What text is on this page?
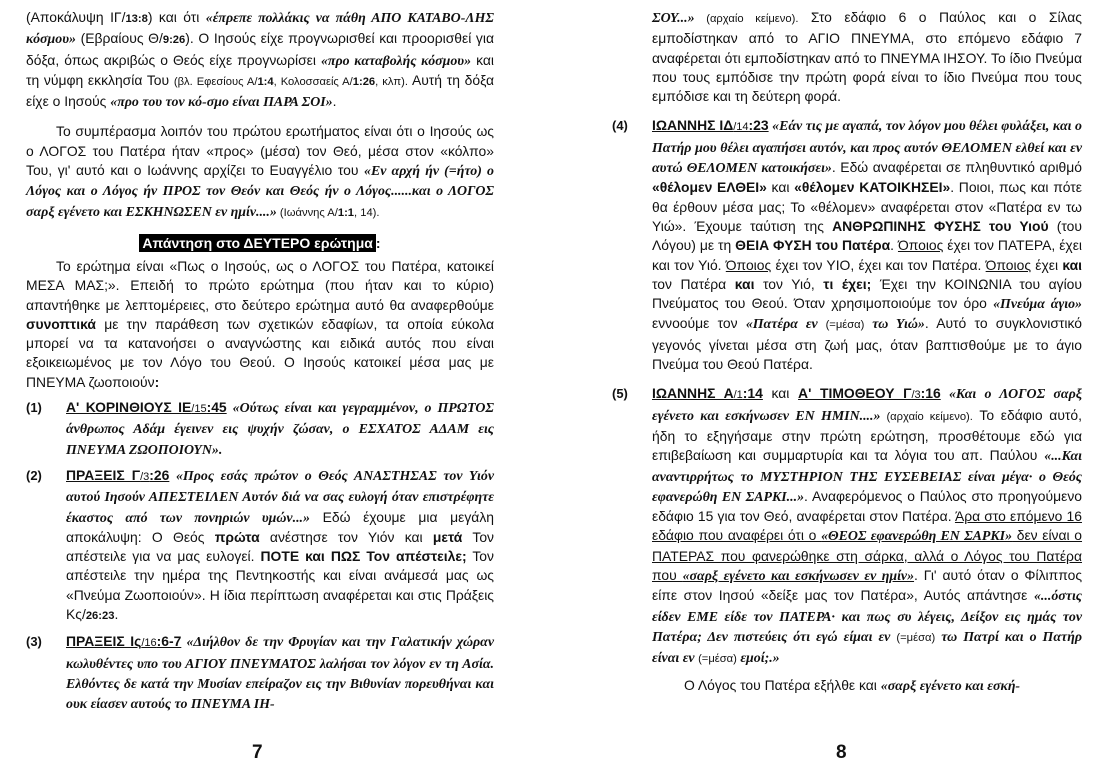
(Αποκάλυψη ΙΓ/13:8) και ότι «έπρεπε πολλάκις να πάθη ΑΠΟ ΚΑΤΑΒΟ-ΛΗΣ κόσμου» (Εβραίους Θ/9:26). Ο Ιησούς είχε προγνωρισθεί και προορισθεί για δόξα, όπως ακριβώς ο Θεός είχε προγνωρίσει «προ καταβολής κόσμου» και τη νύμφη εκκλησία Του (βλ. Εφεσίους Α/1:4, Κολοσσαείς Α/1:26, κλπ). Αυτή τη δόξα είχε ο Ιησούς «προ του τον κό-σμο είναι ΠΑΡΑ ΣΟΙ».

Το συμπέρασμα λοιπόν του πρώτου ερωτήματος είναι ότι ο Ιησούς ως ο ΛΟΓΟΣ του Πατέρα ήταν «προς» (μέσα) τον Θεό, μέσα στον «κόλπο» Του, γι' αυτό και ο Ιωάννης αρχίζει το Ευαγγέλιο του «Εν αρχή ήν (=ήτο) ο Λόγος και ο Λόγος ήν ΠΡΟΣ τον Θεόν και Θεός ήν ο Λόγος......και ο ΛΟΓΟΣ σαρξ εγένετο και ΕΣΚΗΝΩΣΕΝ εν ημίν....» (Ιωάννης Α/1:1, 14).

Απάντηση στο ΔΕΥΤΕΡΟ ερώτημα :

Το ερώτημα είναι «Πως ο Ιησούς, ως ο ΛΟΓΟΣ του Πατέρα, κατοικεί ΜΕΣΑ ΜΑΣ;». Επειδή το πρώτο ερώτημα (που ήταν και το κύριο) απαντήθηκε με λεπτομέρειες, στο δεύτερο ερώτημα αυτό θα αναφερθούμε συνοπτικά με την παράθεση των σχετικών εδαφίων, τα οποία εύκολα μπορεί να τα κατανοήσει ο αναγνώστης και ειδικά αυτός που είναι εξοικειωμένος με τον Λόγο του Θεού. Ο Ιησούς κατοικεί μέσα μας με ΠΝΕΥΜΑ ζωοποιούν:

(1) Α' ΚΟΡΙΝΘΙΟΥΣ ΙΕ/15:45 «Ούτως είναι και γεγραμμένον, ο ΠΡΩΤΟΣ άνθρωπος Αδάμ έγεινεν εις ψυχήν ζώσαν, ο ΕΣΧΑΤΟΣ ΑΔΑΜ εις ΠΝΕΥΜΑ ΖΩΟΠΟΙΟΥΝ».
(2) ΠΡΑΞΕΙΣ Γ/3:26 «Προς εσάς πρώτον ο Θεός ΑΝΑΣΤΗΣΑΣ τον Υιόν αυτού Ιησούν ΑΠΕΣΤΕΙΛΕΝ Αυτόν διά να σας ευλογή όταν επιστρέφητε έκαστος από των πονηριών υμών...» Εδώ έχουμε μια μεγάλη αποκάλυψη: Ο Θεός πρώτα ανέστησε τον Υιόν και μετά Τον απέστειλε για να μας ευλογεί. ΠΟΤΕ και ΠΩΣ Τον απέστειλε; Τον απέστειλε την ημέρα της Πεντηκοστής και είναι ανάμεσά μας ως «Πνεύμα Ζωοποιούν». Η ίδια περίπτωση αναφέρεται και στις Πράξεις Κς/26:23.
(3) ΠΡΑΞΕΙΣ Ις/16:6-7 «Διήλθον δε την Φρυγίαν και την Γαλατικήν χώραν κωλυθέντες υπο του ΑΓΙΟΥ ΠΝΕΥΜΑΤΟΣ λαλήσαι τον λόγον εν τη Ασία. Ελθόντες δε κατά την Μυσίαν επείραζον εις την Βιθυνίαν πορευθήναι και ουκ είασεν αυτούς το ΠΝΕΥΜΑ ΙΗ-
7

ΣΟΥ...» (αρχαίο κείμενο). Στο εδάφιο 6 ο Παύλος και ο Σίλας εμποδίστηκαν από το ΑΓΙΟ ΠΝΕΥΜΑ, στο επόμενο εδάφιο 7 αναφέρεται ότι εμποδίστηκαν από το ΠΝΕΥΜΑ ΙΗΣΟΥ. Το ίδιο Πνεύμα που τους εμπόδισε την πρώτη φορά είναι το ίδιο Πνεύμα που τους εμπόδισε και τη δεύτερη φορά.

(4) ΙΩΑΝΝΗΣ ΙΔ/14:23 «Εάν τις με αγαπά, τον λόγον μου θέλει φυλάξει, και ο Πατήρ μου θέλει αγαπήσει αυτόν, και προς αυτόν ΘΕΛΟΜΕΝ ελθεί και εν αυτώ ΘΕΛΟΜΕΝ κατοικήσει». Εδώ αναφέρεται σε πληθυντικό αριθμό «θέλομεν ΕΛΘΕΙ» και «θέλομεν ΚΑΤΟΙΚΗΣΕΙ». Ποιοι, πως και πότε θα έρθουν μέσα μας; Το «θέλομεν» αναφέρεται στον «Πατέρα εν τω Υιώ». Έχουμε ταύτιση της ΑΝΘΡΩΠΙΝΗΣ ΦΥΣΗΣ του Υιού (του Λόγου) με τη ΘΕΙΑ ΦΥΣΗ του Πατέρα. Όποιος έχει τον ΠΑΤΕΡΑ, έχει και τον Υιό. Όποιος έχει τον ΥΙΟ, έχει και τον Πατέρα. Όποιος έχει και τον Πατέρα και τον Υιό, τι έχει; Έχει την ΚΟΙΝΩΝΙΑ του αγίου Πνεύματος του Θεού. Όταν χρησιμοποιούμε τον όρο «Πνεύμα άγιο» εννοούμε τον «Πατέρα εν (=μέσα) τω Υιώ». Αυτό το συγκλονιστικό γεγονός γίνεται μέσα στη ζωή μας, όταν βαπτισθούμε με το άγιο Πνεύμα του Θεού Πατέρα.
(5) ΙΩΑΝΝΗΣ Α/1:14 και Α' ΤΙΜΟΘΕΟΥ Γ/3:16 «Και ο ΛΟΓΟΣ σαρξ εγένετο και εσκήνωσεν ΕΝ ΗΜΙΝ....» (αρχαίο κείμενο). Το εδάφιο αυτό, ήδη το εξηγήσαμε στην πρώτη ερώτηση, προσθέτουμε εδώ για επιβεβαίωση και συμμαρτυρία και τα λόγια του απ. Παύλου «...Και αναντιρρήτως το ΜΥΣΤΗΡΙΟΝ ΤΗΣ ΕΥΣΕΒΕΙΑΣ είναι μέγα· ο Θεός εφανερώθη ΕΝ ΣΑΡΚΙ...». Αναφερόμενος ο Παύλος στο προηγούμενο εδάφιο 15 για τον Θεό, αναφέρεται στον Πατέρα. Άρα στο επόμενο 16 εδάφιο που αναφέρει ότι ο «ΘΕΟΣ εφανερώθη ΕΝ ΣΑΡΚΙ» δεν είναι ο ΠΑΤΕΡΑΣ που φανερώθηκε στη σάρκα, αλλά ο Λόγος του Πατέρα που «σαρξ εγένετο και εσκήνωσεν εν ημίν». Γι' αυτό όταν ο Φίλιππος είπε στον Ιησού «δείξε μας τον Πατέρα», Αυτός απάντησε «...όστις είδεν ΕΜΕ είδε τον ΠΑΤΕΡΑ· και πως συ λέγεις, Δείξον εις ημάς τον Πατέρα; Δεν πιστεύεις ότι εγώ είμαι εν (=μέσα) τω Πατρί και ο Πατήρ είναι εν (=μέσα) εμοί;.»

Ο Λόγος του Πατέρα εξήλθε και «σαρξ εγένετο και εσκή-

8
